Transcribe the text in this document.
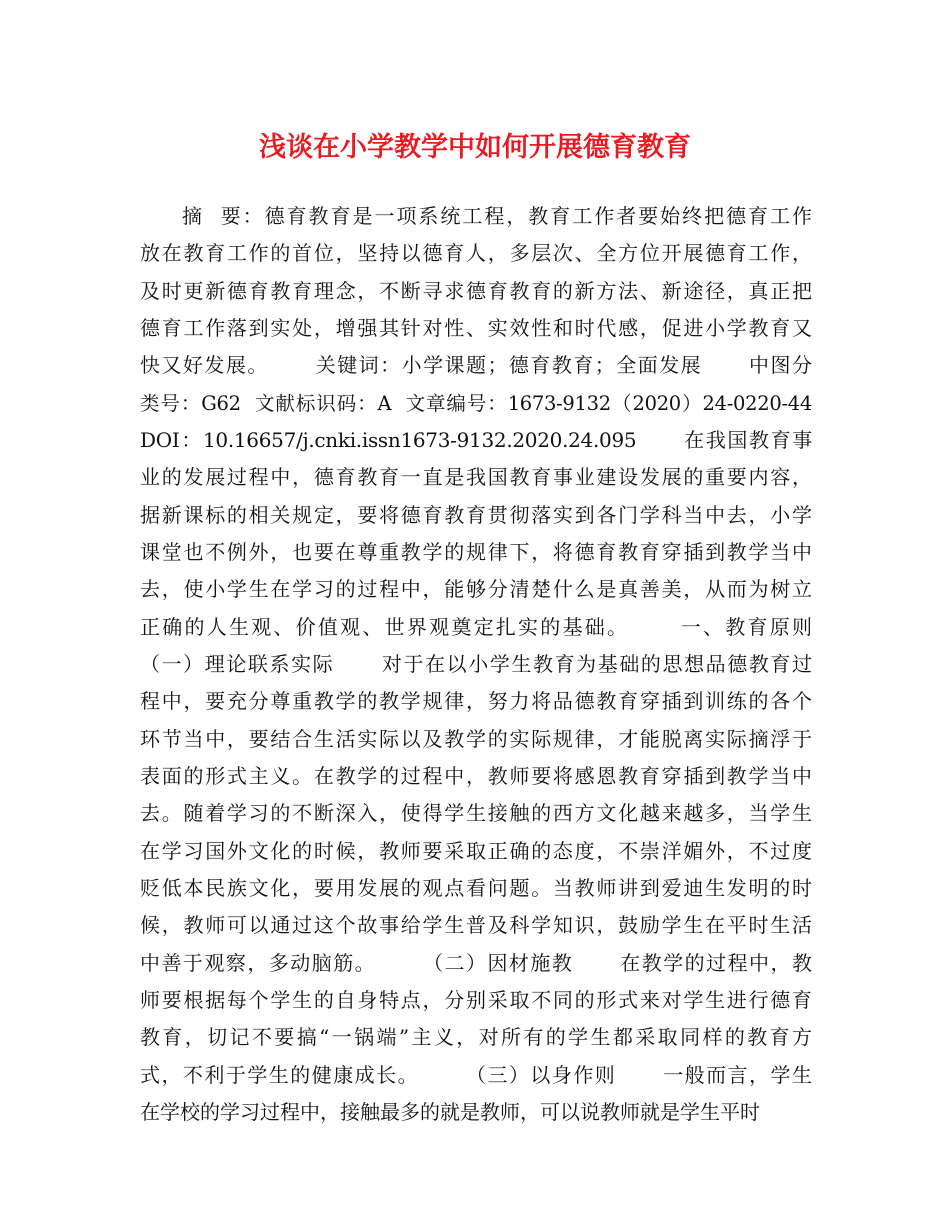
浅谈在小学教学中如何开展德育教育
摘  要：德育教育是一项系统工程，教育工作者要始终把德育工作
放在教育工作的首位，坚持以德育人，多层次、全方位开展德育工作，
及时更新德育教育理念，不断寻求德育教育的新方法、新途径，真正把
德育工作落到实处，增强其针对性、实效性和时代感，促进小学教育又
快又好发展。      关键词：小学课题；德育教育；全面发展      中图分
类号：G62  文献标识码：A  文章编号：1673-9132（2020）24-0220-44
DOI：10.16657/j.cnki.issn1673-9132.2020.24.095      在我国教育事
业的发展过程中，德育教育一直是我国教育事业建设发展的重要内容，
据新课标的相关规定，要将德育教育贯彻落实到各门学科当中去，小学
课堂也不例外，也要在尊重教学的规律下，将德育教育穿插到教学当中
去，使小学生在学习的过程中，能够分清楚什么是真善美，从而为树立
正确的人生观、价值观、世界观奠定扎实的基础。      一、教育原则
（一）理论联系实际      对于在以小学生教育为基础的思想品德教育过
程中，要充分尊重教学的教学规律，努力将品德教育穿插到训练的各个
环节当中，要结合生活实际以及教学的实际规律，才能脱离实际摘浮于
表面的形式主义。在教学的过程中，教师要将感恩教育穿插到教学当中
去。随着学习的不断深入，使得学生接触的西方文化越来越多，当学生
在学习国外文化的时候，教师要采取正确的态度，不崇洋媚外，不过度
贬低本民族文化，要用发展的观点看问题。当教师讲到爱迪生发明的时
候，教师可以通过这个故事给学生普及科学知识，鼓励学生在平时生活
中善于观察，多动脑筋。      （二）因材施教      在教学的过程中，教
师要根据每个学生的自身特点，分别采取不同的形式来对学生进行德育
教育，切记不要搞“一锅端”主义，对所有的学生都采取同样的教育方
式，不利于学生的健康成长。      （三）以身作则      一般而言，学生
在学校的学习过程中，接触最多的就是教师，可以说教师就是学生平时
